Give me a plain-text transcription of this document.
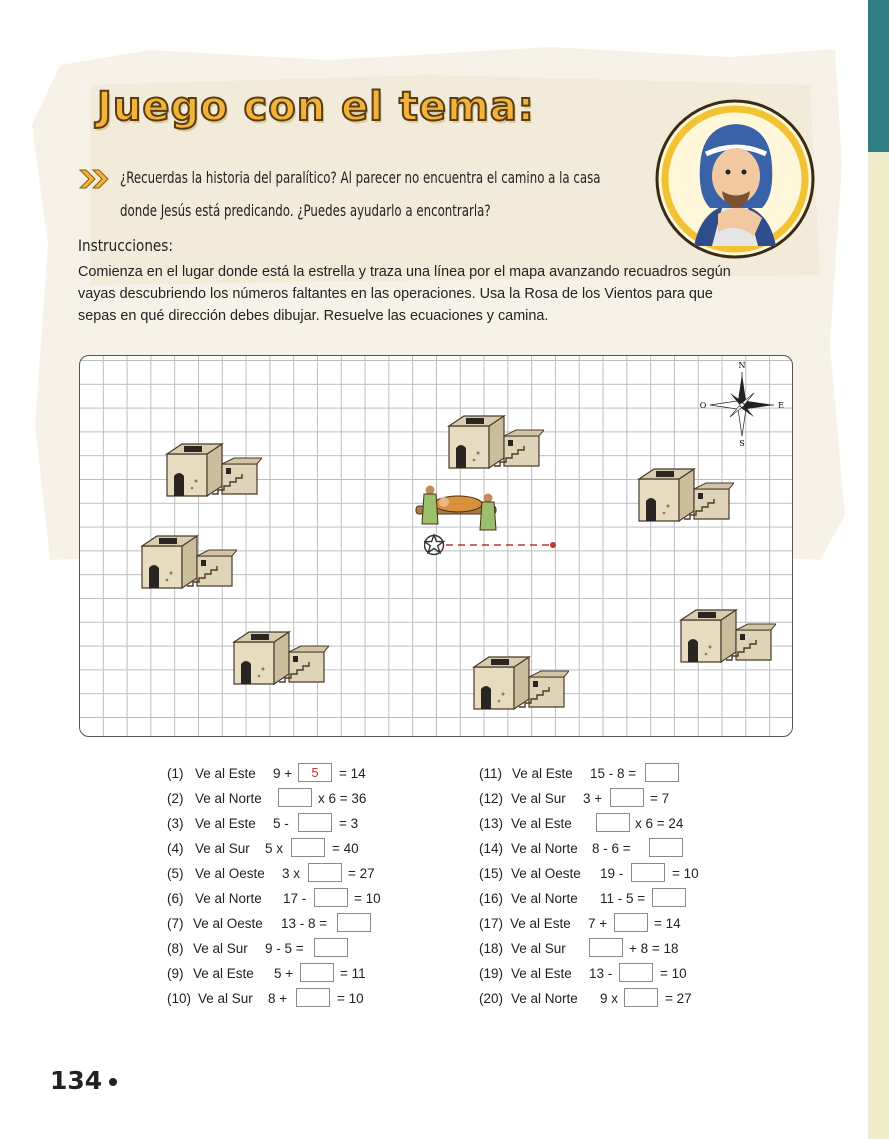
Juego con el tema:
¿Recuerdas la historia del paralítico? Al parecer no encuentra el camino a la casa
donde Jesús está predicando. ¿Puedes ayudarlo a encontrarla?
Instrucciones:
Comienza en el lugar donde está la estrella y traza una línea por el mapa avanzando recuadros según
vayas descubriendo los números faltantes en las operaciones. Usa la Rosa de los Vientos para que
sepas en qué dirección debes dibujar. Resuelve las ecuaciones y camina.
N
S
E
O
(1) Ve al Este 9 +	5	= 14
(2) Ve al Norte	x 6 = 36
(3) Ve al Este 5 -	= 3
(4) Ve al Sur 5 x	= 40
(5) Ve al Oeste 3 x	= 27
(6) Ve al Norte 17 -	= 10
(7) Ve al Oeste 13 - 8 =
(8) Ve al Sur 9 - 5 =
(9) Ve al Este 5 +	= 11
(10) Ve al Sur 8 +	= 10
(11) Ve al Este 15 - 8 =
(12) Ve al Sur 3 +	= 7
(13) Ve al Este	x 6 = 24
(14) Ve al Norte 8 - 6 =
(15) Ve al Oeste 19 -	= 10
(16) Ve al Norte 11 - 5 =
(17) Ve al Este 7 +	= 14
(18) Ve al Sur	+ 8 = 18
(19) Ve al Este 13 -	= 10
(20) Ve al Norte 9 x	= 27
134
